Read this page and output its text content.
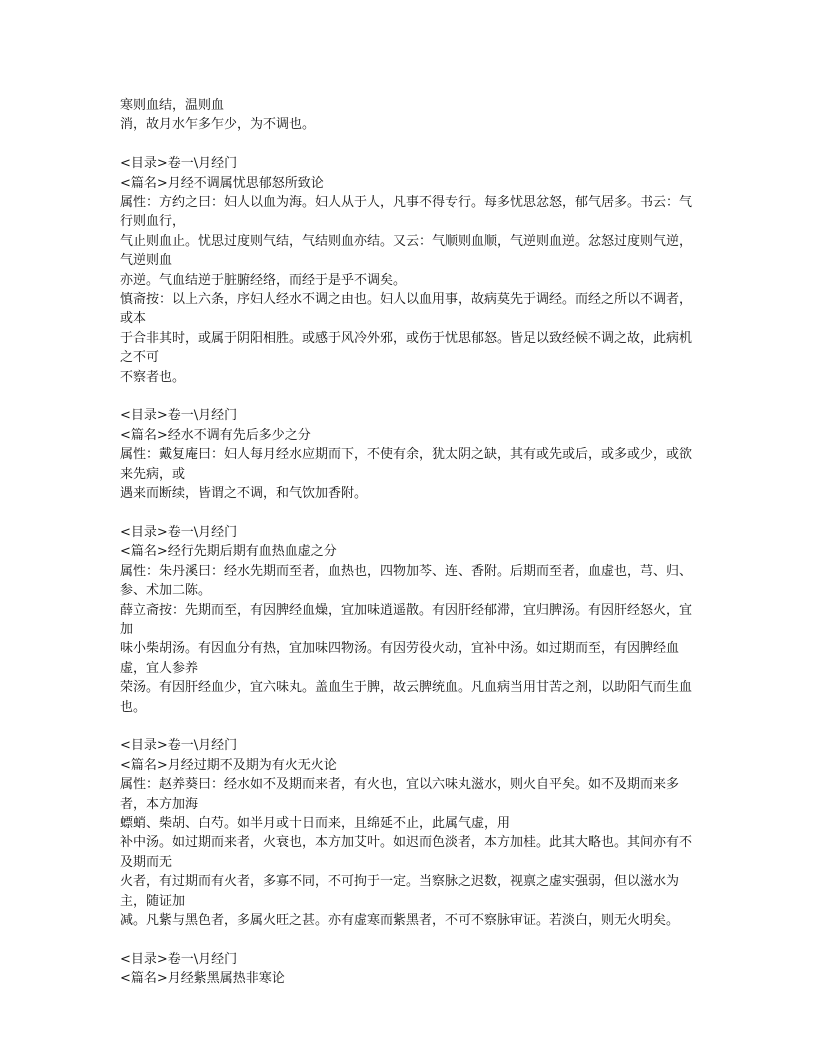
寒则血结，温则血

消，故月水乍多乍少，为不调也。

<目录>卷一\月经门

<篇名>月经不调属忧思郁怒所致论

属性：方约之曰：妇人以血为海。妇人从于人，凡事不得专行。每多忧思忿怒，郁气居多。书云：气行则血行，

气止则血止。忧思过度则气结，气结则血亦结。又云：气顺则血顺，气逆则血逆。忿怒过度则气逆，气逆则血

亦逆。气血结逆于脏腑经络，而经于是乎不调矣。

慎斋按：以上六条，序妇人经水不调之由也。妇人以血用事，故病莫先于调经。而经之所以不调者，或本

于合非其时，或属于阴阳相胜。或感于风冷外邪，或伤于忧思郁怒。皆足以致经候不调之故，此病机之不可

不察者也。

<目录>卷一\月经门

<篇名>经水不调有先后多少之分

属性：戴复庵曰：妇人每月经水应期而下，不使有余，犹太阴之缺，其有或先或后，或多或少，或欲来先病，或

遇来而断续，皆谓之不调，和气饮加香附。

<目录>卷一\月经门

<篇名>经行先期后期有血热血虚之分

属性：朱丹溪曰：经水先期而至者，血热也，四物加芩、连、香附。后期而至者，血虚也，芎、归、参、术加二陈。

薛立斋按：先期而至，有因脾经血燥，宜加味逍遥散。有因肝经郁滞，宜归脾汤。有因肝经怒火，宜加

味小柴胡汤。有因血分有热，宜加味四物汤。有因劳役火动，宜补中汤。如过期而至，有因脾经血虚，宜人参养

荣汤。有因肝经血少，宜六味丸。盖血生于脾，故云脾统血。凡血病当用甘苦之剂，以助阳气而生血也。

<目录>卷一\月经门

<篇名>月经过期不及期为有火无火论

属性：赵养葵曰：经水如不及期而来者，有火也，宜以六味丸滋水，则火自平矣。如不及期而来多者，本方加海

螵蛸、柴胡、白芍。如半月或十日而来，且绵延不止，此属气虚，用

补中汤。如过期而来者，火衰也，本方加艾叶。如迟而色淡者，本方加桂。此其大略也。其间亦有不及期而无

火者，有过期而有火者，多寡不同，不可拘于一定。当察脉之迟数，视禀之虚实强弱，但以滋水为主，随证加

减。凡紫与黑色者，多属火旺之甚。亦有虚寒而紫黑者，不可不察脉审证。若淡白，则无火明矣。

<目录>卷一\月经门

<篇名>月经紫黑属热非寒论
